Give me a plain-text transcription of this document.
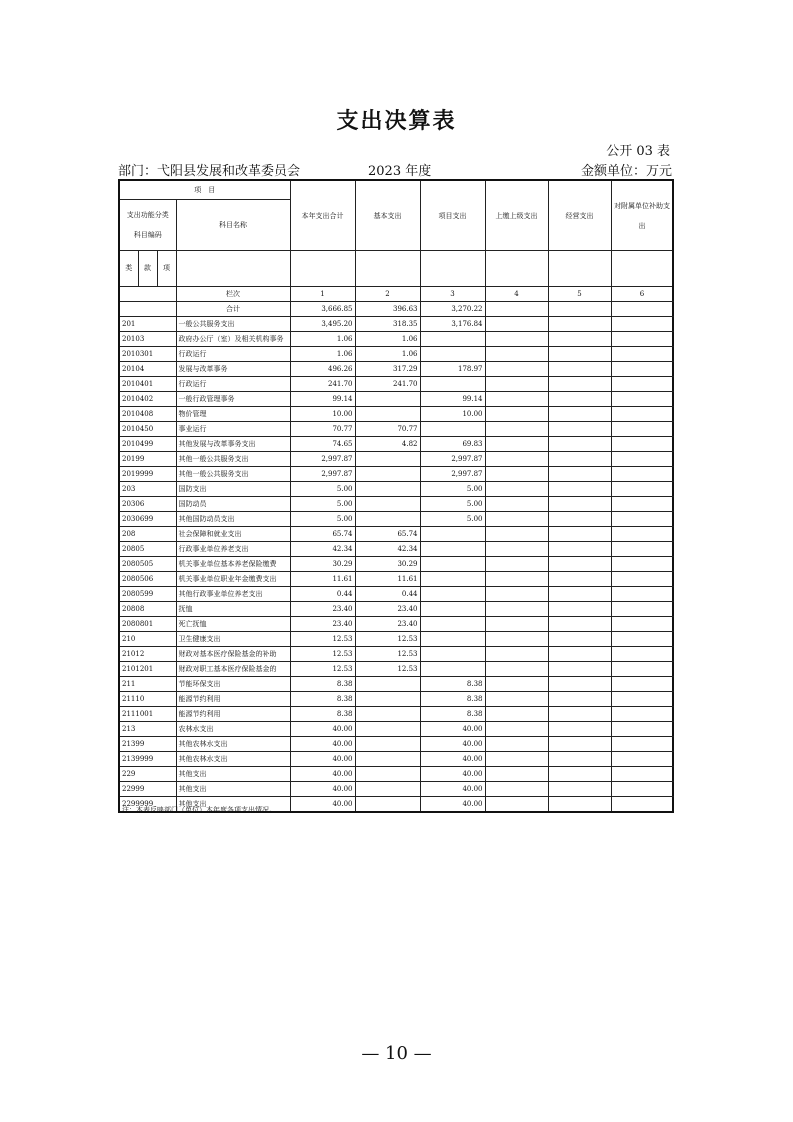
支出决算表
公开 03 表
部门：弋阳县发展和改革委员会	2023 年度	金额单位：万元
项　目				本年支出合计	基本支出	项目支出	上缴上级支出	经营支出	对附属单位补助支出	

支出功能分类
科目编码			科目名称							
类	款	项								

			栏次	1	2	3	4	5	6	
			合计	3,666.85	396.63	3,270.22				
201			一般公共服务支出	3,495.20	318.35	3,176.84				
20103			政府办公厅（室）及相关机构事务	1.06	1.06					
2010301			行政运行	1.06	1.06					
20104			发展与改革事务	496.26	317.29	178.97				
2010401			行政运行	241.70	241.70					
2010402			一般行政管理事务	99.14		99.14				
2010408			物价管理	10.00		10.00				
2010450			事业运行	70.77	70.77					
2010499			其他发展与改革事务支出	74.65	4.82	69.83				
20199			其他一般公共服务支出	2,997.87		2,997.87				
2019999			其他一般公共服务支出	2,997.87		2,997.87				
203			国防支出	5.00		5.00				
20306			国防动员	5.00		5.00				
2030699			其他国防动员支出	5.00		5.00				
208			社会保障和就业支出	65.74	65.74					
20805			行政事业单位养老支出	42.34	42.34					
2080505			机关事业单位基本养老保险缴费	30.29	30.29					
2080506			机关事业单位职业年金缴费支出	11.61	11.61					
2080599			其他行政事业单位养老支出	0.44	0.44					
20808			抚恤	23.40	23.40					
2080801			死亡抚恤	23.40	23.40					
210			卫生健康支出	12.53	12.53					
21012			财政对基本医疗保险基金的补助	12.53	12.53					
2101201			财政对职工基本医疗保险基金的	12.53	12.53					
211			节能环保支出	8.38		8.38				
21110			能源节约利用	8.38		8.38				
2111001			能源节约利用	8.38		8.38				
213			农林水支出	40.00		40.00				
21399			其他农林水支出	40.00		40.00				
2139999			其他农林水支出	40.00		40.00				
229			其他支出	40.00		40.00				
22999			其他支出	40.00		40.00				
2299999			其他支出	40.00		40.00				
注：本表反映部门（单位）本年度各项支出情况。
— 10 —
